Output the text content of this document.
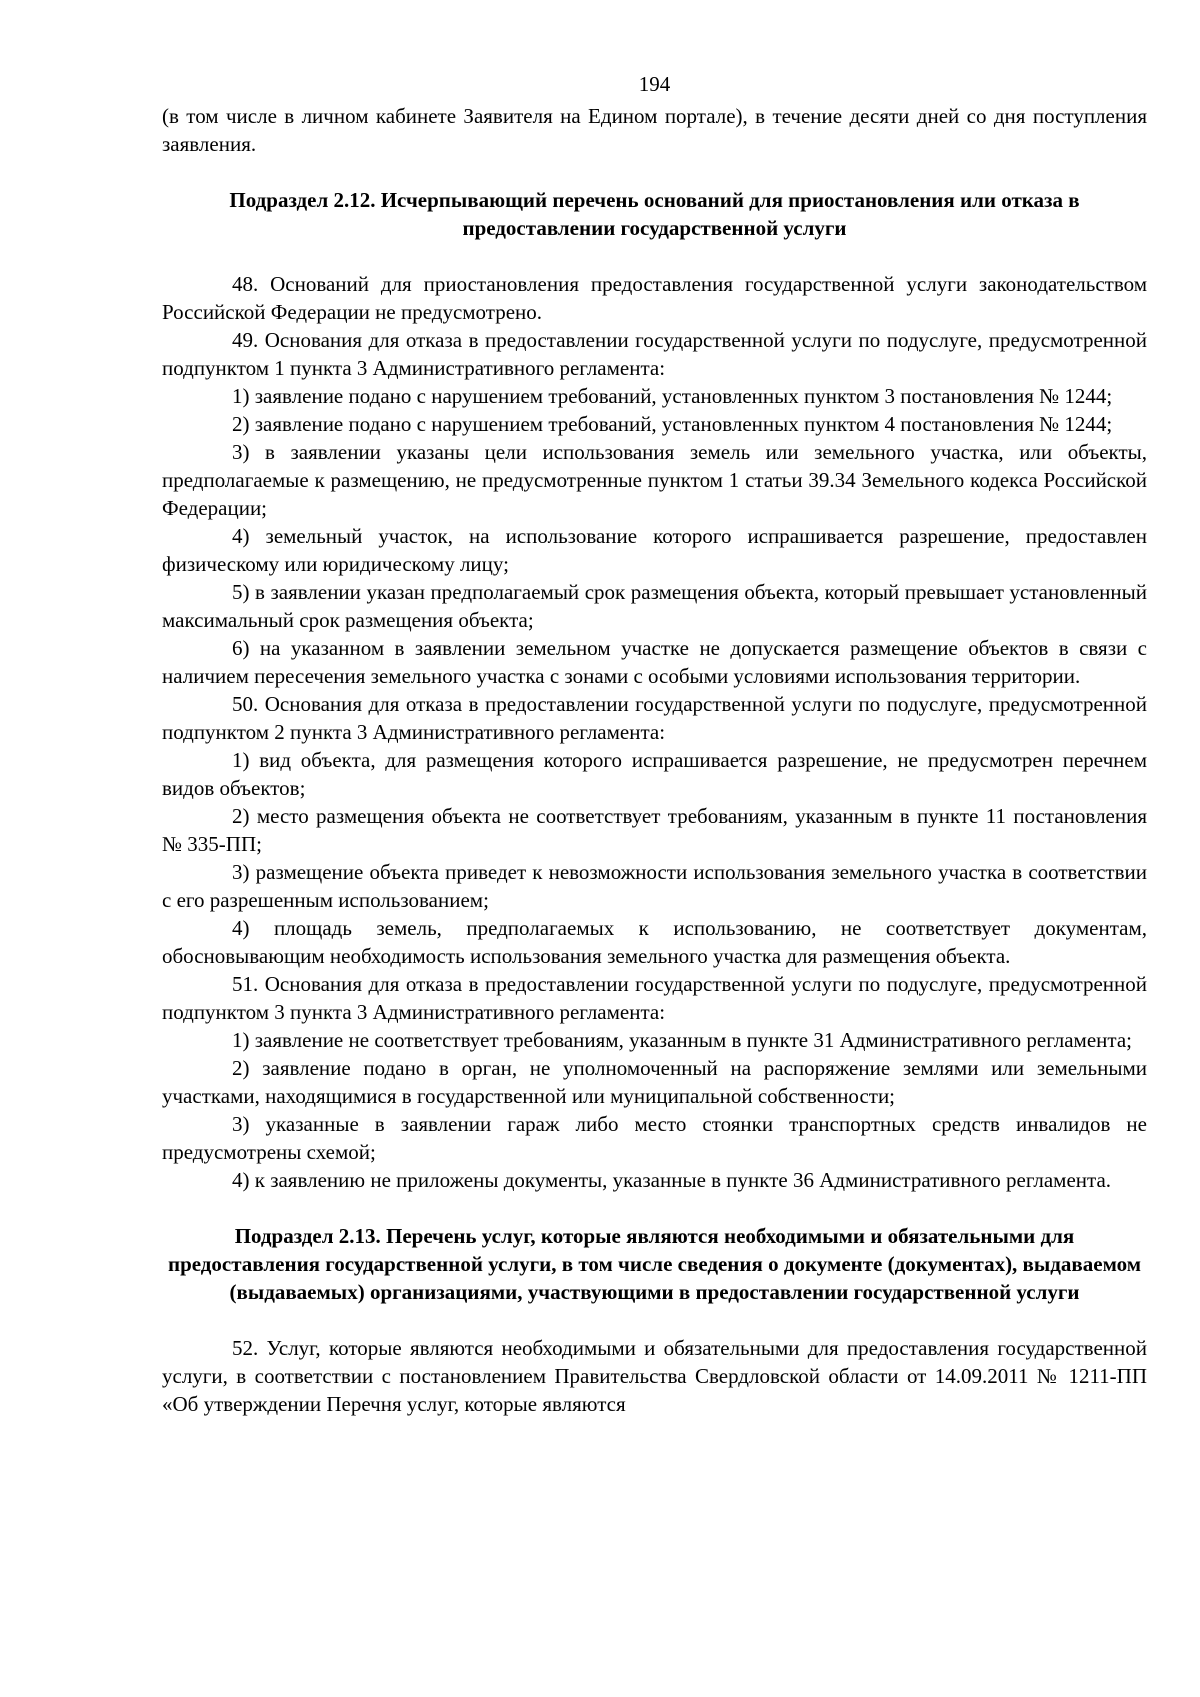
194

(в том числе в личном кабинете Заявителя на Едином портале), в течение десяти дней со дня поступления заявления.

Подраздел 2.12. Исчерпывающий перечень оснований для приостановления или отказа в предоставлении государственной услуги

48. Оснований для приостановления предоставления государственной услуги законодательством Российской Федерации не предусмотрено.

49. Основания для отказа в предоставлении государственной услуги по подуслуге, предусмотренной подпунктом 1 пункта 3 Административного регламента:

1) заявление подано с нарушением требований, установленных пунктом 3 постановления № 1244;

2) заявление подано с нарушением требований, установленных пунктом 4 постановления № 1244;

3) в заявлении указаны цели использования земель или земельного участка, или объекты, предполагаемые к размещению, не предусмотренные пунктом 1 статьи 39.34 Земельного кодекса Российской Федерации;

4) земельный участок, на использование которого испрашивается разрешение, предоставлен физическому или юридическому лицу;

5) в заявлении указан предполагаемый срок размещения объекта, который превышает установленный максимальный срок размещения объекта;

6) на указанном в заявлении земельном участке не допускается размещение объектов в связи с наличием пересечения земельного участка с зонами с особыми условиями использования территории.

50. Основания для отказа в предоставлении государственной услуги по подуслуге, предусмотренной подпунктом 2 пункта 3 Административного регламента:

1) вид объекта, для размещения которого испрашивается разрешение, не предусмотрен перечнем видов объектов;

2) место размещения объекта не соответствует требованиям, указанным в пункте 11 постановления № 335-ПП;

3) размещение объекта приведет к невозможности использования земельного участка в соответствии с его разрешенным использованием;

4) площадь земель, предполагаемых к использованию, не соответствует документам, обосновывающим необходимость использования земельного участка для размещения объекта.

51. Основания для отказа в предоставлении государственной услуги по подуслуге, предусмотренной подпунктом 3 пункта 3 Административного регламента:

1) заявление не соответствует требованиям, указанным в пункте 31 Административного регламента;

2) заявление подано в орган, не уполномоченный на распоряжение землями или земельными участками, находящимися в государственной или муниципальной собственности;

3) указанные в заявлении гараж либо место стоянки транспортных средств инвалидов не предусмотрены схемой;

4) к заявлению не приложены документы, указанные в пункте 36 Административного регламента.

Подраздел 2.13. Перечень услуг, которые являются необходимыми и обязательными для предоставления государственной услуги, в том числе сведения о документе (документах), выдаваемом (выдаваемых) организациями, участвующими в предоставлении государственной услуги

52. Услуг, которые являются необходимыми и обязательными для предоставления государственной услуги, в соответствии с постановлением Правительства Свердловской области от 14.09.2011 № 1211-ПП «Об утверждении Перечня услуг, которые являются
